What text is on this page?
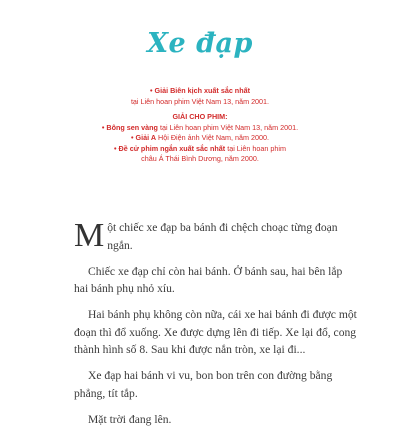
Xe đạp
• Giải Biên kịch xuất sắc nhất
tại Liên hoan phim Việt Nam 13, năm 2001.
GIẢI CHO PHIM:
• Bông sen vàng tại Liên hoan phim Việt Nam 13, năm 2001.
• Giải A Hội Điện ảnh Việt Nam, năm 2000.
• Đề cử phim ngắn xuất sắc nhất tại Liên hoan phim
châu Á Thái Bình Dương, năm 2000.

M ột chiếc xe đạp ba bánh đi chệch choạc từng đoạn
ngắn.

Chiếc xe đạp chỉ còn hai bánh. Ở bánh sau, hai bên lắp
hai bánh phụ nhỏ xíu.

Hai bánh phụ không còn nữa, cái xe hai bánh đi được một
đoạn thì đổ xuống. Xe được dựng lên đi tiếp. Xe lại đổ, cong
thành hình số 8. Sau khi được nắn tròn, xe lại đi...

Xe đạp hai bánh vi vu, bon bon trên con đường bằng
phẳng, tít tắp.

Mặt trời đang lên.
